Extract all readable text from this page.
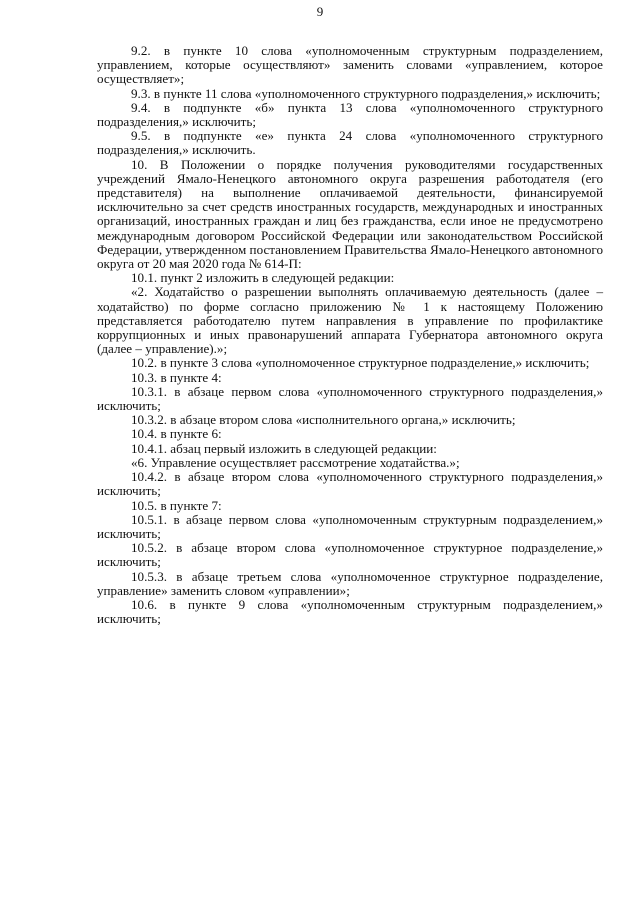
9

9.2. в пункте 10 слова «уполномоченным структурным подразделением, управлением, которые осуществляют» заменить словами «управлением, которое осуществляет»;

9.3. в пункте 11 слова «уполномоченного структурного подразделения,» исключить;

9.4. в подпункте «б» пункта 13 слова «уполномоченного структурного подразделения,» исключить;

9.5. в подпункте «е» пункта 24 слова «уполномоченного структурного подразделения,» исключить.

10. В Положении о порядке получения руководителями государственных учреждений Ямало-Ненецкого автономного округа разрешения работодателя (его представителя) на выполнение оплачиваемой деятельности, финансируемой исключительно за счет средств иностранных государств, международных и иностранных организаций, иностранных граждан и лиц без гражданства, если иное не предусмотрено международным договором Российской Федерации или законодательством Российской Федерации, утвержденном постановлением Правительства Ямало-Ненецкого автономного округа от 20 мая 2020 года № 614-П:

10.1. пункт 2 изложить в следующей редакции:

«2. Ходатайство о разрешении выполнять оплачиваемую деятельность (далее – ходатайство) по форме согласно приложению № 1 к настоящему Положению представляется работодателю путем направления в управление по профилактике коррупционных и иных правонарушений аппарата Губернатора автономного округа (далее – управление).»;

10.2. в пункте 3 слова «уполномоченное структурное подразделение,» исключить;

10.3. в пункте 4:

10.3.1. в абзаце первом слова «уполномоченного структурного подразделения,» исключить;

10.3.2. в абзаце втором слова «исполнительного органа,» исключить;

10.4. в пункте 6:

10.4.1. абзац первый изложить в следующей редакции:

«6. Управление осуществляет рассмотрение ходатайства.»;

10.4.2. в абзаце втором слова «уполномоченного структурного подразделения,» исключить;

10.5. в пункте 7:

10.5.1. в абзаце первом слова «уполномоченным структурным подразделением,» исключить;

10.5.2. в абзаце втором слова «уполномоченное структурное подразделение,» исключить;

10.5.3. в абзаце третьем слова «уполномоченное структурное подразделение, управление» заменить словом «управлении»;

10.6. в пункте 9 слова «уполномоченным структурным подразделением,» исключить;
